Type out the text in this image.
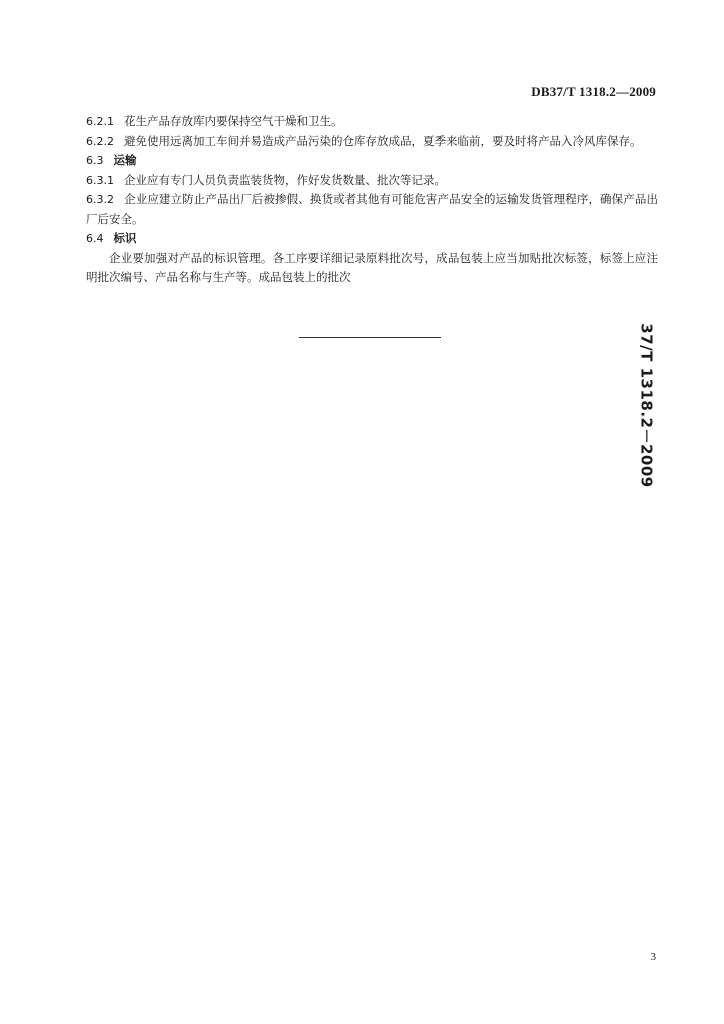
DB37/T 1318.2—2009

6.2.1 花生产品存放库内要保持空气干燥和卫生。

6.2.2 避免使用远离加工车间并易造成产品污染的仓库存放成品，夏季来临前，要及时将产品入冷风库保存。

6.3 运输

6.3.1 企业应有专门人员负责监装货物，作好发货数量、批次等记录。

6.3.2 企业应建立防止产品出厂后被掺假、换货或者其他有可能危害产品安全的运输发货管理程序，确保产品出厂后安全。

6.4 标识

企业要加强对产品的标识管理。各工序要详细记录原料批次号，成品包装上应当加贴批次标签，标签上应注明批次编号、产品名称与生产等。成品包装上的批次

37/T 1318.2－2009
3
